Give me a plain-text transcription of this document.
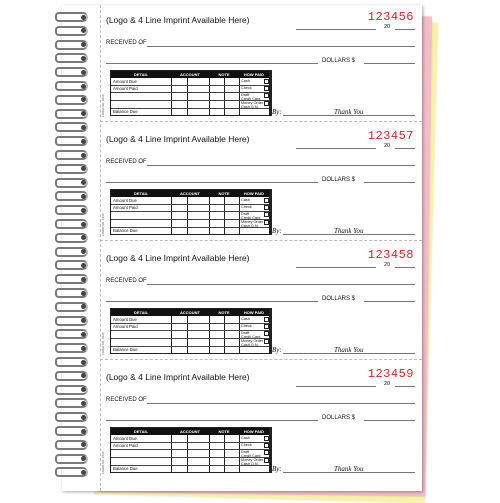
(Logo & 4 Line Imprint Available Here)	123456
20
RECEIVED OF
DOLLARS $
FORM NO. 1830
DETAIL	ACCOUNT	NOTE	HOW PAID
Amount Due
Amount Paid
Balance Due
Cash
Check
Draft
Credit Card
Money Order
Cash O.N.
By:	Thank You
(Logo & 4 Line Imprint Available Here)	123457
20
RECEIVED OF
DOLLARS $
FORM NO. 1830
DETAIL	ACCOUNT	NOTE	HOW PAID
Amount Due
Amount Paid
Balance Due
Cash
Check
Draft
Credit Card
Money Order
Cash O.N.
By:	Thank You
(Logo & 4 Line Imprint Available Here)	123458
20
RECEIVED OF
DOLLARS $
FORM NO. 1830
DETAIL	ACCOUNT	NOTE	HOW PAID
Amount Due
Amount Paid
Balance Due
Cash
Check
Draft
Credit Card
Money Order
Cash O.N.
By:	Thank You
(Logo & 4 Line Imprint Available Here)	123459
20
RECEIVED OF
DOLLARS $
FORM NO. 1830
DETAIL	ACCOUNT	NOTE	HOW PAID
Amount Due
Amount Paid
Balance Due
Cash
Check
Draft
Credit Card
Money Order
Cash O.N.
By:	Thank You
